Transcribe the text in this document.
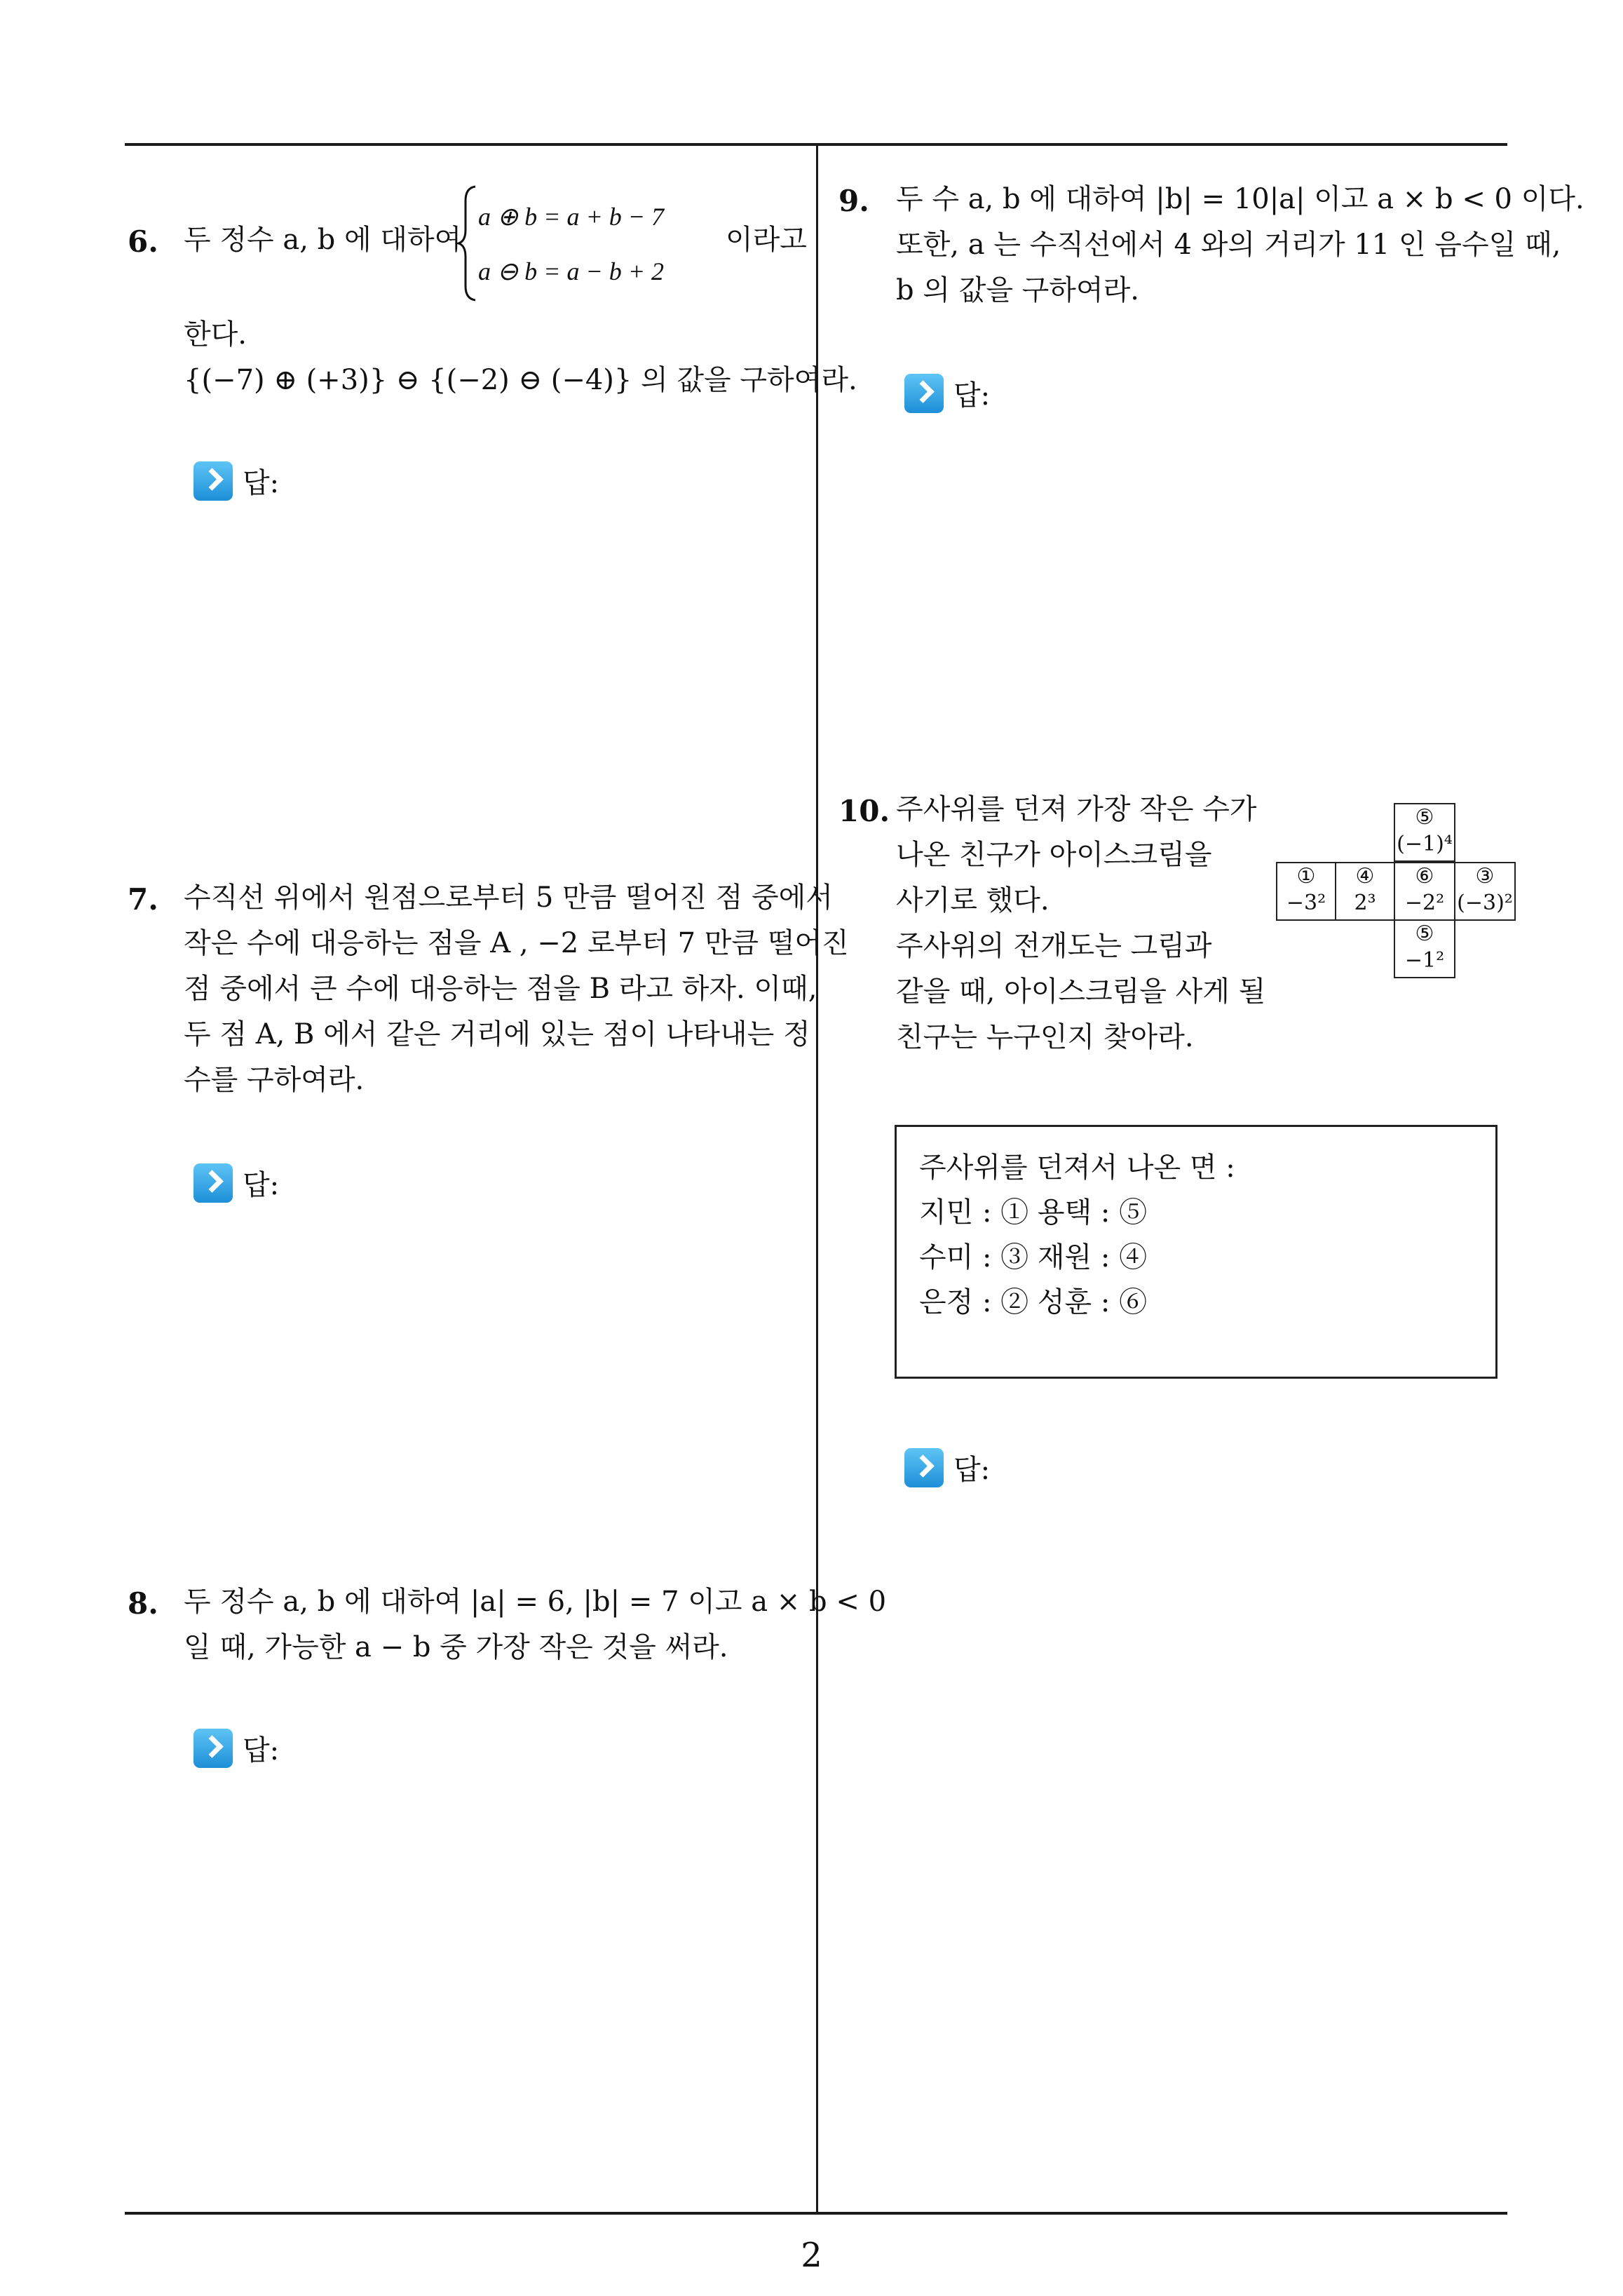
6. 두 정수 a, b 에 대하여
a ⊕ b = a + b − 7
a ⊖ b = a − b + 2
이라고
한다.
{(−7) ⊕ (+3)} ⊖ {(−2) ⊖ (−4)} 의 값을 구하여라.
답:
7. 수직선 위에서 원점으로부터 5 만큼 떨어진 점 중에서
작은 수에 대응하는 점을 A , −2 로부터 7 만큼 떨어진
점 중에서 큰 수에 대응하는 점을 B 라고 하자. 이때,
두 점 A, B 에서 같은 거리에 있는 점이 나타내는 정
수를 구하여라.
답:
8. 두 정수 a, b 에 대하여 |a| = 6, |b| = 7 이고 a × b < 0
일 때, 가능한 a − b 중 가장 작은 것을 써라.
답:
9. 두 수 a, b 에 대하여 |b| = 10|a| 이고 a × b < 0 이다.
또한, a 는 수직선에서 4 와의 거리가 11 인 음수일 때,
b 의 값을 구하여라.
답:
10. 주사위를 던져 가장 작은 수가
나온 친구가 아이스크림을
사기로 했다.
주사위의 전개도는 그림과
같을 때, 아이스크림을 사게 될
친구는 누구인지 찾아라.
⑤
(−1)⁴
①
−3²
④
2³
⑥
−2²
③
(−3)²
⑤
−1²
주사위를 던져서 나온 면 :
지민 : ① 용택 : ⑤
수미 : ③ 재원 : ④
은정 : ② 성훈 : ⑥
답:
2
